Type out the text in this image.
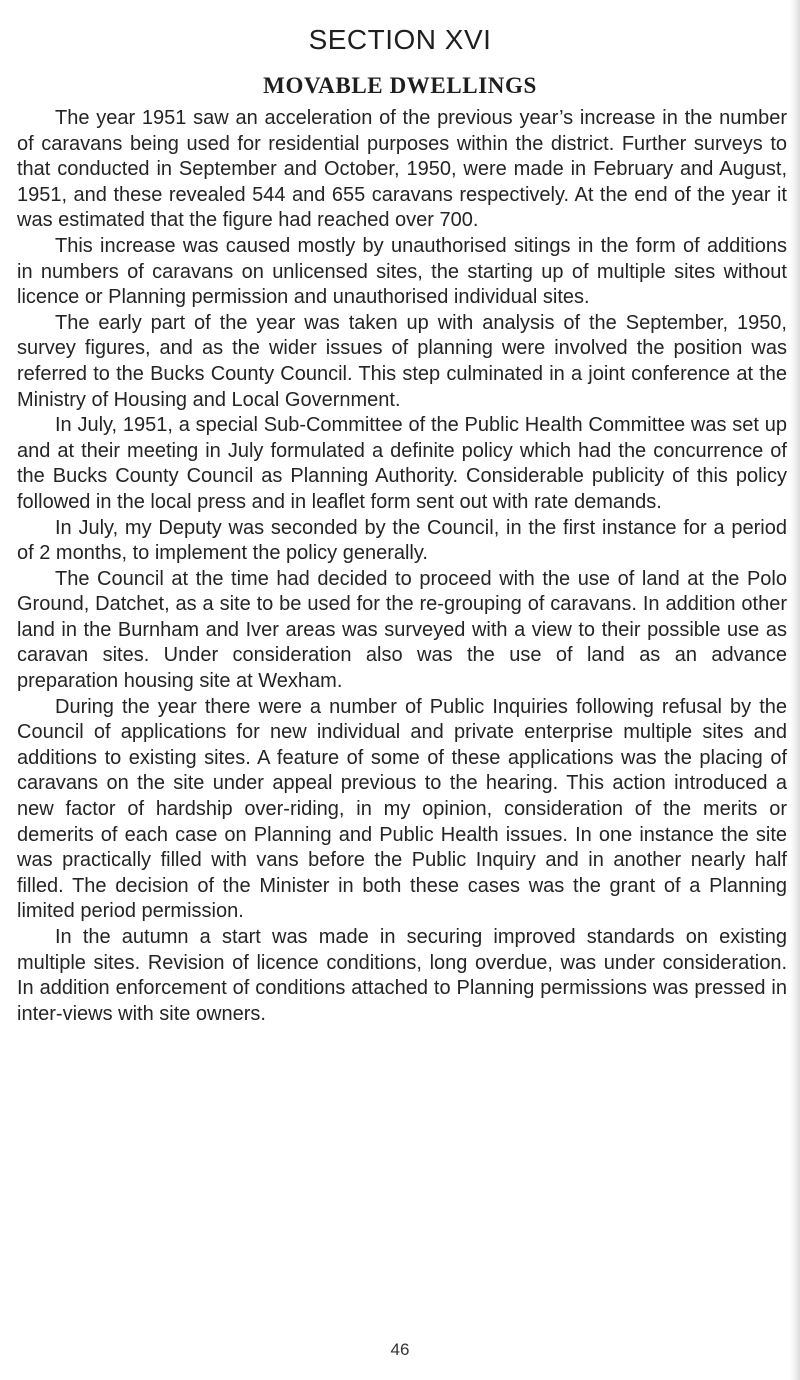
SECTION XVI
MOVABLE DWELLINGS

The year 1951 saw an acceleration of the previous year’s increase in the number of caravans being used for residential purposes within the district. Further surveys to that conducted in September and October, 1950, were made in February and August, 1951, and these revealed 544 and 655 caravans respectively. At the end of the year it was estimated that the figure had reached over 700.

This increase was caused mostly by unauthorised sitings in the form of additions in numbers of caravans on unlicensed sites, the starting up of multiple sites without licence or Planning permission and unauthorised individual sites.

The early part of the year was taken up with analysis of the September, 1950, survey figures, and as the wider issues of planning were involved the position was referred to the Bucks County Council. This step culminated in a joint conference at the Ministry of Housing and Local Government.

In July, 1951, a special Sub-Committee of the Public Health Committee was set up and at their meeting in July formulated a definite policy which had the concurrence of the Bucks County Council as Planning Authority. Considerable publicity of this policy followed in the local press and in leaflet form sent out with rate demands.

In July, my Deputy was seconded by the Council, in the first instance for a period of 2 months, to implement the policy generally.

The Council at the time had decided to proceed with the use of land at the Polo Ground, Datchet, as a site to be used for the re-grouping of caravans. In addition other land in the Burnham and Iver areas was surveyed with a view to their possible use as caravan sites. Under consideration also was the use of land as an advance preparation housing site at Wexham.

During the year there were a number of Public Inquiries following refusal by the Council of applications for new individual and private enterprise multiple sites and additions to existing sites. A feature of some of these applications was the placing of caravans on the site under appeal previous to the hearing. This action introduced a new factor of hardship over-riding, in my opinion, consideration of the merits or demerits of each case on Planning and Public Health issues. In one instance the site was practically filled with vans before the Public Inquiry and in another nearly half filled. The decision of the Minister in both these cases was the grant of a Planning limited period permission.

In the autumn a start was made in securing improved standards on existing multiple sites. Revision of licence conditions, long overdue, was under consideration. In addition enforcement of conditions attached to Planning permissions was pressed in inter-views with site owners.

46
